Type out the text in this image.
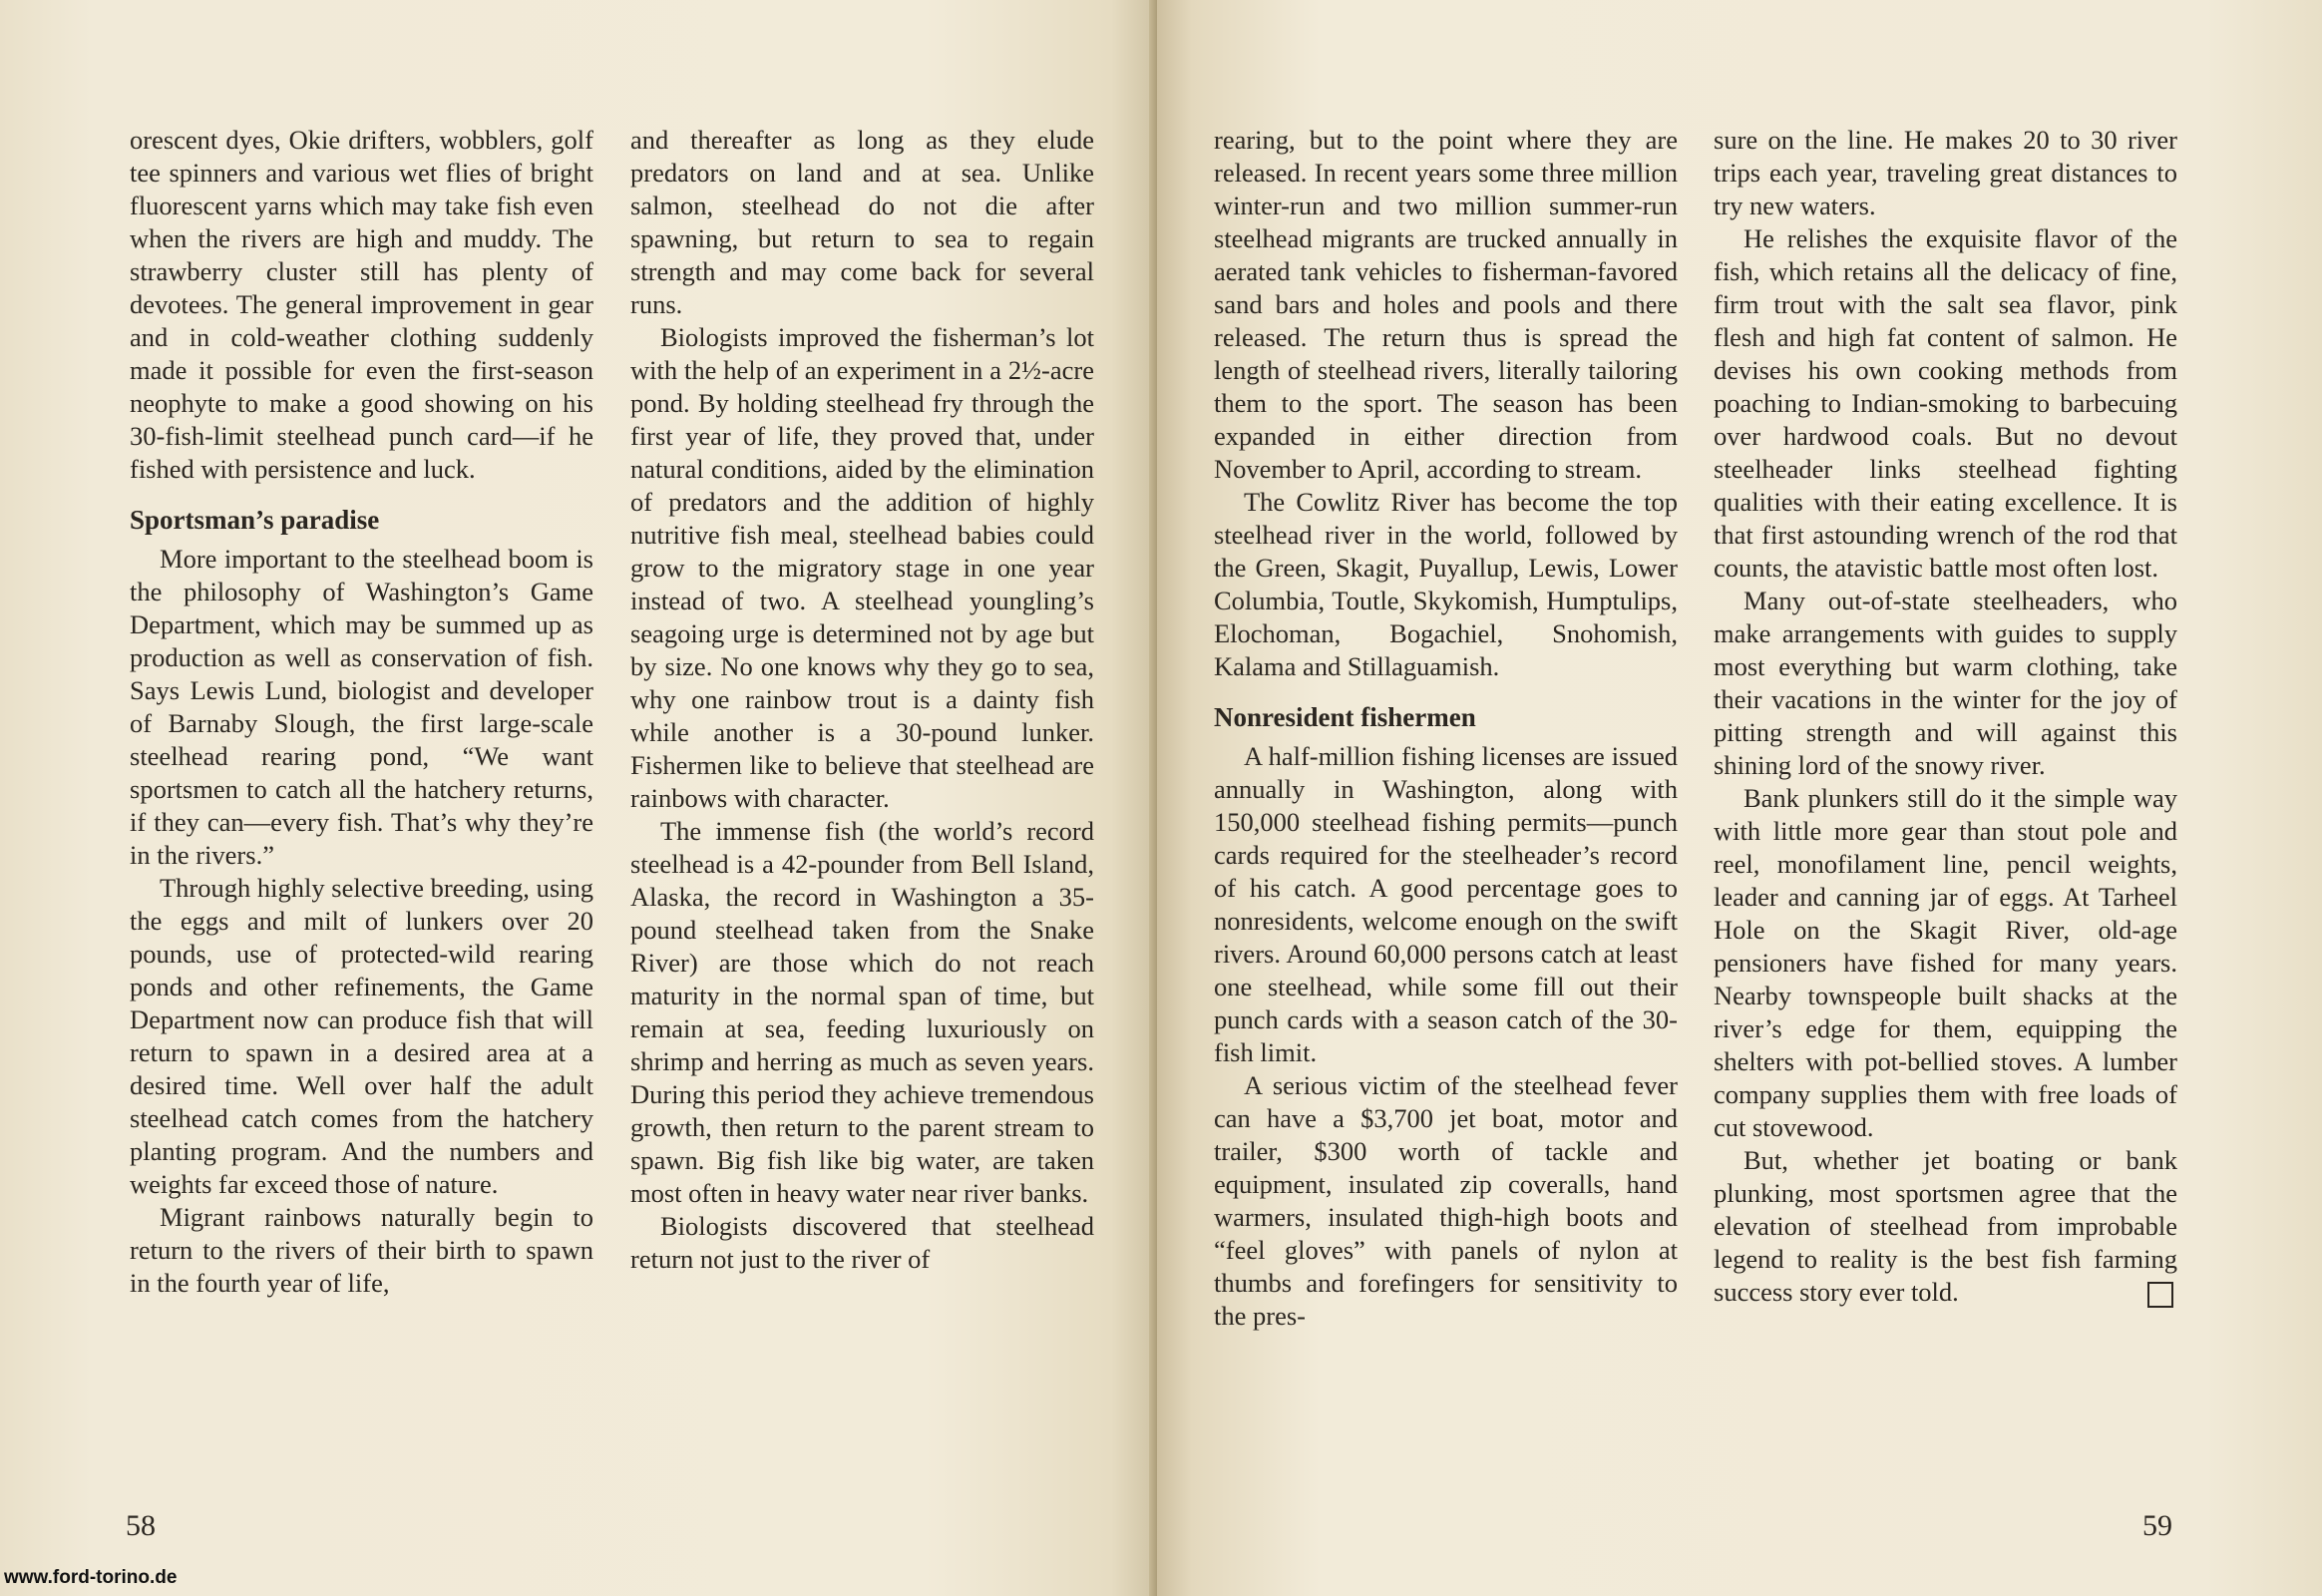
orescent dyes, Okie drifters, wobblers, golf tee spinners and various wet flies of bright fluorescent yarns which may take fish even when the rivers are high and muddy. The strawberry cluster still has plenty of devotees. The general improvement in gear and in cold-weather clothing suddenly made it possible for even the first-season neophyte to make a good showing on his 30-fish-limit steelhead punch card—if he fished with persistence and luck.

Sportsman’s paradise

More important to the steelhead boom is the philosophy of Washington’s Game Department, which may be summed up as production as well as conservation of fish. Says Lewis Lund, biologist and developer of Barnaby Slough, the first large-scale steelhead rearing pond, “We want sportsmen to catch all the hatchery returns, if they can—every fish. That’s why they’re in the rivers.”

Through highly selective breeding, using the eggs and milt of lunkers over 20 pounds, use of protected-wild rearing ponds and other refinements, the Game Department now can produce fish that will return to spawn in a desired area at a desired time. Well over half the adult steelhead catch comes from the hatchery planting program. And the numbers and weights far exceed those of nature.

Migrant rainbows naturally begin to return to the rivers of their birth to spawn in the fourth year of life,

and thereafter as long as they elude predators on land and at sea. Unlike salmon, steelhead do not die after spawning, but return to sea to regain strength and may come back for several runs.

Biologists improved the fisherman’s lot with the help of an experiment in a 2½-acre pond. By holding steelhead fry through the first year of life, they proved that, under natural conditions, aided by the elimination of predators and the addition of highly nutritive fish meal, steelhead babies could grow to the migratory stage in one year instead of two. A steelhead youngling’s seagoing urge is determined not by age but by size. No one knows why they go to sea, why one rainbow trout is a dainty fish while another is a 30-pound lunker. Fishermen like to believe that steelhead are rainbows with character.

The immense fish (the world’s record steelhead is a 42-pounder from Bell Island, Alaska, the record in Washington a 35-pound steelhead taken from the Snake River) are those which do not reach maturity in the normal span of time, but remain at sea, feeding luxuriously on shrimp and herring as much as seven years. During this period they achieve tremendous growth, then return to the parent stream to spawn. Big fish like big water, are taken most often in heavy water near river banks.

Biologists discovered that steelhead return not just to the river of

58

rearing, but to the point where they are released. In recent years some three million winter-run and two million summer-run steelhead migrants are trucked annually in aerated tank vehicles to fisherman-favored sand bars and holes and pools and there released. The return thus is spread the length of steelhead rivers, literally tailoring them to the sport. The season has been expanded in either direction from November to April, according to stream.

The Cowlitz River has become the top steelhead river in the world, followed by the Green, Skagit, Puyallup, Lewis, Lower Columbia, Toutle, Skykomish, Humptulips, Elochoman, Bogachiel, Snohomish, Kalama and Stillaguamish.

Nonresident fishermen

A half-million fishing licenses are issued annually in Washington, along with 150,000 steelhead fishing permits—punch cards required for the steelheader’s record of his catch. A good percentage goes to nonresidents, welcome enough on the swift rivers. Around 60,000 persons catch at least one steelhead, while some fill out their punch cards with a season catch of the 30-fish limit.

A serious victim of the steelhead fever can have a $3,700 jet boat, motor and trailer, $300 worth of tackle and equipment, insulated zip coveralls, hand warmers, insulated thigh-high boots and “feel gloves” with panels of nylon at thumbs and forefingers for sensitivity to the pres-

sure on the line. He makes 20 to 30 river trips each year, traveling great distances to try new waters.

He relishes the exquisite flavor of the fish, which retains all the delicacy of fine, firm trout with the salt sea flavor, pink flesh and high fat content of salmon. He devises his own cooking methods from poaching to Indian-smoking to barbecuing over hardwood coals. But no devout steelheader links steelhead fighting qualities with their eating excellence. It is that first astounding wrench of the rod that counts, the atavistic battle most often lost.

Many out-of-state steelheaders, who make arrangements with guides to supply most everything but warm clothing, take their vacations in the winter for the joy of pitting strength and will against this shining lord of the snowy river.

Bank plunkers still do it the simple way with little more gear than stout pole and reel, monofilament line, pencil weights, leader and canning jar of eggs. At Tarheel Hole on the Skagit River, old-age pensioners have fished for many years. Nearby townspeople built shacks at the river’s edge for them, equipping the shelters with pot-bellied stoves. A lumber company supplies them with free loads of cut stovewood.

But, whether jet boating or bank plunking, most sportsmen agree that the elevation of steelhead from improbable legend to reality is the best fish farming success story ever told.

59
www.ford-torino.de
